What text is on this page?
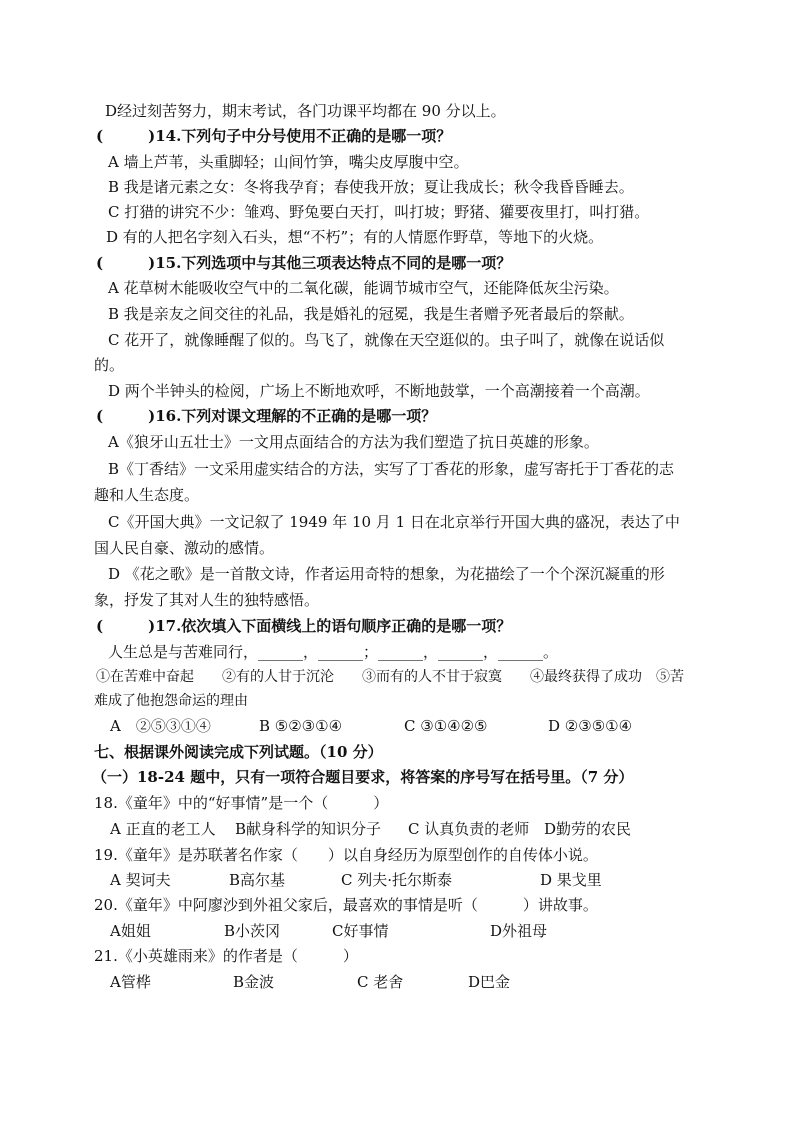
D经过刻苦努力，期末考试，各门功课平均都在 90 分以上。
(　　　)14.下列句子中分号使用不正确的是哪一项？
A 墙上芦苇，头重脚轻；山间竹笋，嘴尖皮厚腹中空。
B 我是诸元素之女：冬将我孕育；春使我开放；夏让我成长；秋令我昏昏睡去。
C 打猎的讲究不少：雏鸡、野兔要白天打，叫打坡；野猪、獾要夜里打，叫打猎。
D 有的人把名字刻入石头，想“不朽”；有的人情愿作野草，等地下的火烧。
(　　　)15.下列选项中与其他三项表达特点不同的是哪一项？
A 花草树木能吸收空气中的二氧化碳，能调节城市空气，还能降低灰尘污染。
B 我是亲友之间交往的礼品，我是婚礼的冠冕，我是生者赠予死者最后的祭献。
C 花开了，就像睡醒了似的。鸟飞了，就像在天空逛似的。虫子叫了，就像在说话似
的。
D 两个半钟头的检阅，广场上不断地欢呼，不断地鼓掌，一个高潮接着一个高潮。
(　　　)16.下列对课文理解的不正确的是哪一项？
A《狼牙山五壮士》一文用点面结合的方法为我们塑造了抗日英雄的形象。
B《丁香结》一文采用虚实结合的方法，实写了丁香花的形象，虚写寄托于丁香花的志
趣和人生态度。
C《开国大典》一文记叙了 1949 年 10 月 1 日在北京举行开国大典的盛况，表达了中
国人民自豪、激动的感情。
D 《花之歌》是一首散文诗，作者运用奇特的想象，为花描绘了一个个深沉凝重的形
象，抒发了其对人生的独特感悟。
(　　　)17.依次填入下面横线上的语句顺序正确的是哪一项？
人生总是与苦难同行，______，______；______，______，______。
①在苦难中奋起　　②有的人甘于沉沦　　③而有的人不甘于寂寞　　④最终获得了成功　⑤苦
难成了他抱怨命运的理由
A　②⑤③①④	B ⑤②③①④	C ③①④②⑤	D ②③⑤①④
七、根据课外阅读完成下列试题。（10 分）
（一）18-24 题中，只有一项符合题目要求，将答案的序号写在括号里。（7 分）
18.《童年》中的“好事情”是一个（　　　）
A 正直的老工人 B献身科学的知识分子 C 认真负责的老师 D勤劳的农民
19.《童年》是苏联著名作家（　　）以自身经历为原型创作的自传体小说。
A 契诃夫	B高尔基	C 列夫·托尔斯泰	D 果戈里
20.《童年》中阿廖沙到外祖父家后，最喜欢的事情是听（　　　）讲故事。
A姐姐	B小茨冈	C好事情	D外祖母
21.《小英雄雨来》的作者是（　　　）
A管桦	B金波	C 老舍	D巴金
